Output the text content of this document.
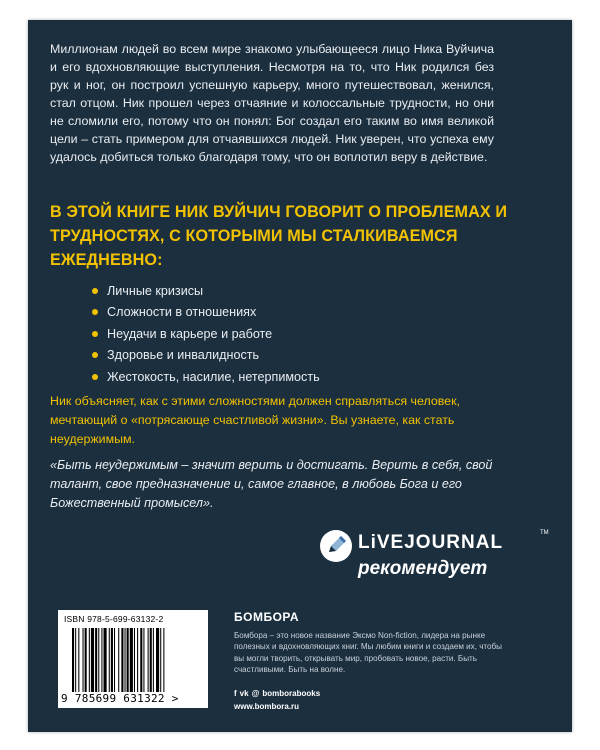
Миллионам людей во всем мире знакомо улыбающееся лицо Ника Вуйчича и его вдохновляющие выступления. Несмотря на то, что Ник родился без рук и ног, он построил успешную карьеру, много путешествовал, женился, стал отцом. Ник прошел через отчаяние и колоссальные трудности, но они не сломили его, потому что он понял: Бог создал его таким во имя великой цели – стать примером для отчаявшихся людей. Ник уверен, что успеха ему удалось добиться только благодаря тому, что он воплотил веру в действие.

В ЭТОЙ КНИГЕ НИК ВУЙЧИЧ ГОВОРИТ О ПРОБЛЕМАХ И ТРУДНОСТЯХ, С КОТОРЫМИ МЫ СТАЛКИВАЕМСЯ ЕЖЕДНЕВНО:

Личные кризисы
Сложности в отношениях
Неудачи в карьере и работе
Здоровье и инвалидность
Жестокость, насилие, нетерпимость

Ник объясняет, как с этими сложностями должен справляться человек, мечтающий о «потрясающе счастливой жизни». Вы узнаете, как стать неудержимым.

«Быть неудержимым – значит верить и достигать. Верить в себя, свой талант, свое предназначение и, самое главное, в любовь Бога и его Божественный промысел».

LiVEJOURNAL	TM
рекомендует
ISBN 978-5-699-63132-2
9 785699 631322 >
БОМБОРА

Бомбора – это новое название Эксмо Non-fiction, лидера на рынке полезных и вдохновляющих книг. Мы любим книги и создаем их, чтобы вы могли творить, открывать мир, пробовать новое, расти. Быть счастливыми. Быть на волне.

f vk @ bomborabooks
www.bombora.ru
